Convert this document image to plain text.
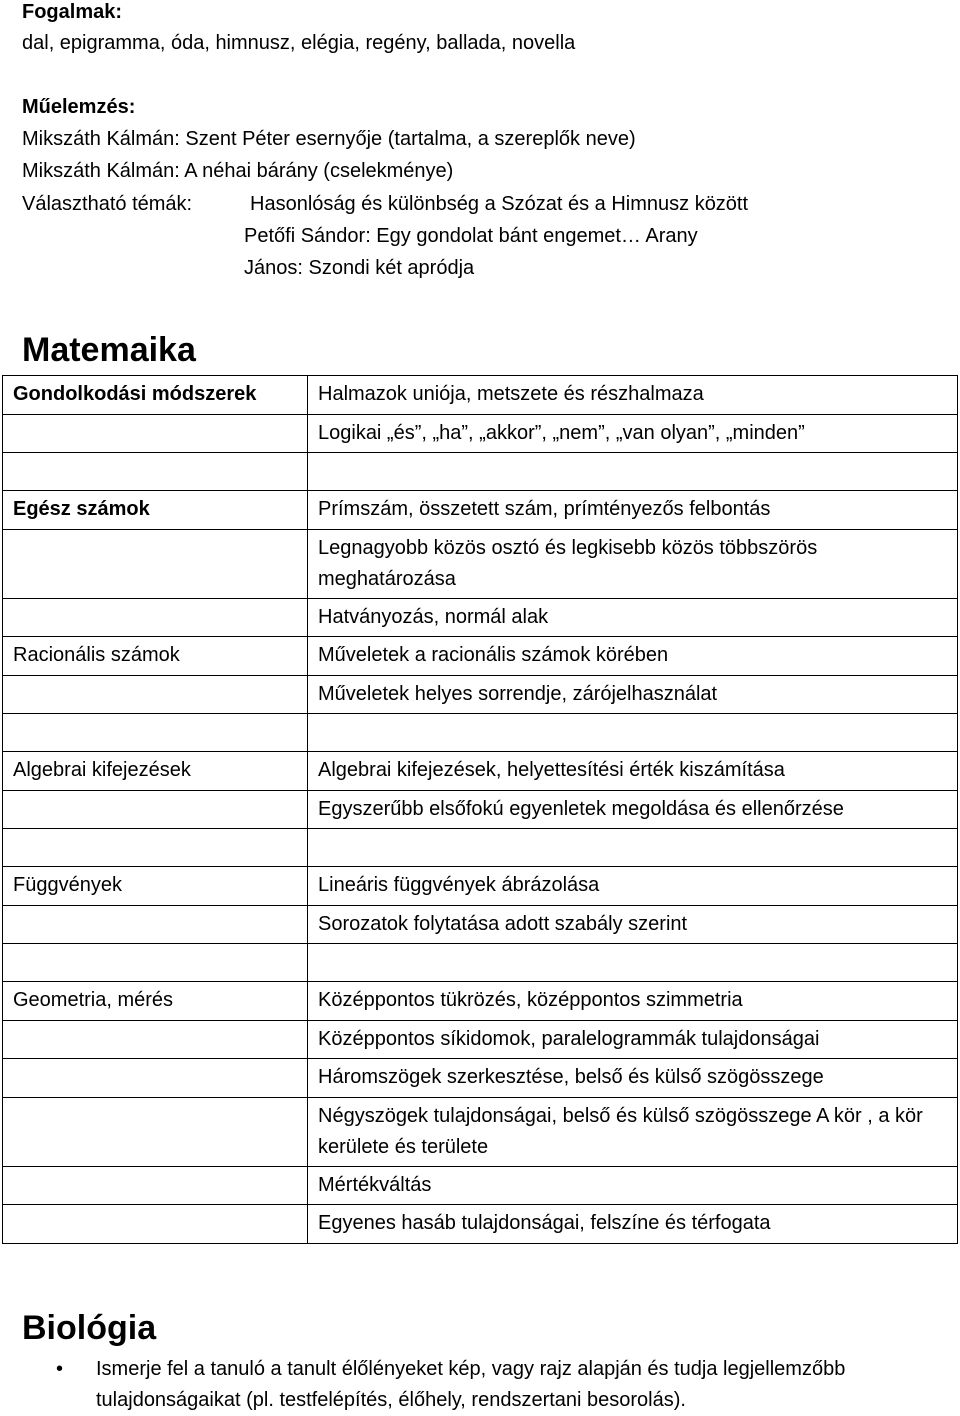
Fogalmak:
dal, epigramma, óda, himnusz, elégia, regény, ballada, novella
Műelemzés:
Mikszáth Kálmán: Szent Péter esernyője (tartalma, a szereplők neve)
Mikszáth Kálmán: A néhai bárány (cselekménye)
Választható témák:	Hasonlóság és különbség a Szózat és a Himnusz között
Petőfi Sándor: Egy gondolat bánt engemet… Arany
János: Szondi két apródja
Matemaika
Gondolkodási módszerek	Halmazok uniója, metszete és részhalmaza
	Logikai „és”, „ha”, „akkor”, „nem”, „van olyan”, „minden”

Egész számok	Prímszám, összetett szám, prímtényezős felbontás
	Legnagyobb közös osztó és legkisebb közös többszörös meghatározása
	Hatványozás, normál alak
Racionális számok	Műveletek a racionális számok körében
	Műveletek helyes sorrendje, zárójelhasználat

Algebrai kifejezések	Algebrai kifejezések, helyettesítési érték kiszámítása
	Egyszerűbb elsőfokú egyenletek megoldása és ellenőrzése

Függvények	Lineáris függvények ábrázolása
	Sorozatok folytatása adott szabály szerint

Geometria, mérés	Középpontos tükrözés, középpontos szimmetria
	Középpontos síkidomok, paralelogrammák tulajdonságai
	Háromszögek szerkesztése, belső és külső szögösszege
	Négyszögek tulajdonságai, belső és külső szögösszege A kör , a kör kerülete és területe
	Mértékváltás
	Egyenes hasáb tulajdonságai, felszíne és térfogata
Biológia
• Ismerje fel a tanuló a tanult élőlényeket kép, vagy rajz alapján és tudja legjellemzőbb tulajdonságaikat (pl. testfelépítés, élőhely, rendszertani besorolás).
